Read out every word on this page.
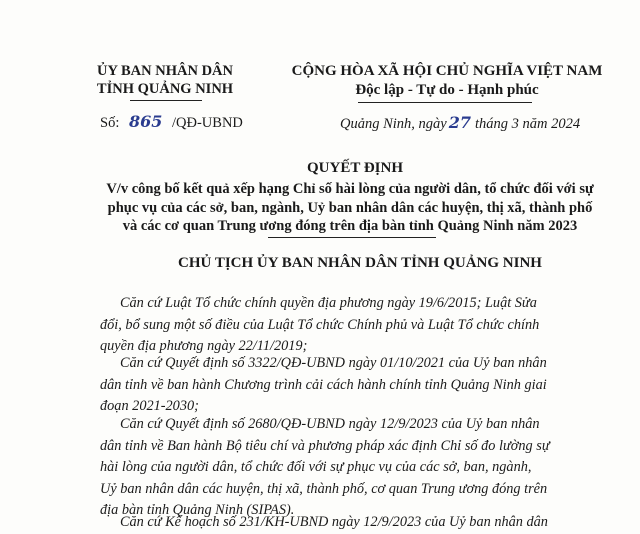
ỦY BAN NHÂN DÂN
TỈNH QUẢNG NINH
Số: 865 /QĐ-UBND
CỘNG HÒA XÃ HỘI CHỦ NGHĨA VIỆT NAM
Độc lập - Tự do - Hạnh phúc
Quảng Ninh, ngày 27 tháng 3 năm 2024
QUYẾT ĐỊNH
V/v công bố kết quả xếp hạng Chỉ số hài lòng của người dân, tổ chức đối với sự
phục vụ của các sở, ban, ngành, Uỷ ban nhân dân các huyện, thị xã, thành phố
và các cơ quan Trung ương đóng trên địa bàn tỉnh Quảng Ninh năm 2023
CHỦ TỊCH ỦY BAN NHÂN DÂN TỈNH QUẢNG NINH
Căn cứ Luật Tổ chức chính quyền địa phương ngày 19/6/2015; Luật Sửa
đổi, bổ sung một số điều của Luật Tổ chức Chính phủ và Luật Tổ chức chính
quyền địa phương ngày 22/11/2019;
Căn cứ Quyết định số 3322/QĐ-UBND ngày 01/10/2021 của Uỷ ban nhân
dân tỉnh về ban hành Chương trình cải cách hành chính tỉnh Quảng Ninh giai
đoạn 2021-2030;
Căn cứ Quyết định số 2680/QĐ-UBND ngày 12/9/2023 của Uỷ ban nhân
dân tỉnh về Ban hành Bộ tiêu chí và phương pháp xác định Chỉ số đo lường sự
hài lòng của người dân, tổ chức đối với sự phục vụ của các sở, ban, ngành,
Uỷ ban nhân dân các huyện, thị xã, thành phố, cơ quan Trung ương đóng trên
địa bàn tỉnh Quảng Ninh (SIPAS).
Căn cứ Kế hoạch số 231/KH-UBND ngày 12/9/2023 của Uỷ ban nhân dân
